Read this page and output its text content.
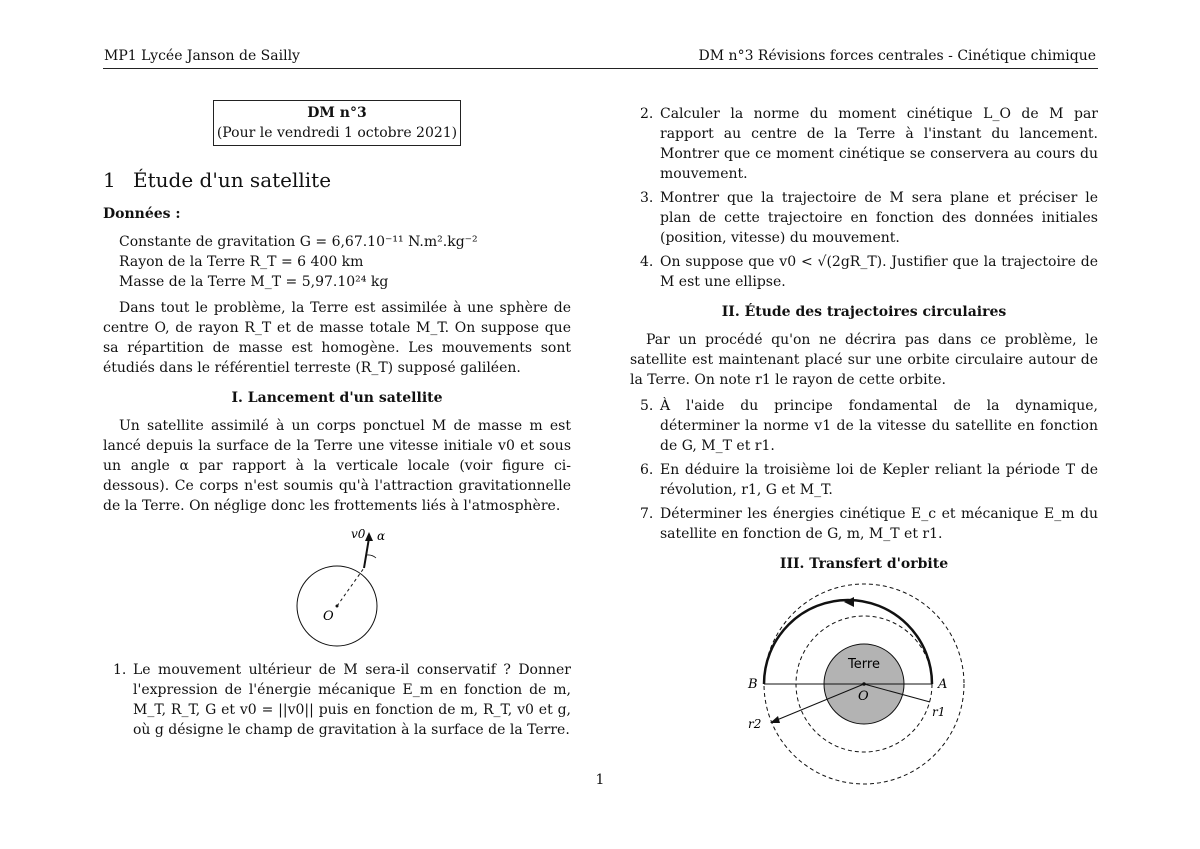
MP1 Lycée Janson de Sailly	DM n°3 Révisions forces centrales - Cinétique chimique
DM n°3
(Pour le vendredi 1 octobre 2021)
1 Étude d'un satellite

Données :

Constante de gravitation G = 6,67.10⁻¹¹ N.m².kg⁻²
Rayon de la Terre R_T = 6 400 km
Masse de la Terre M_T = 5,97.10²⁴ kg

Dans tout le problème, la Terre est assimilée à une sphère de centre O, de rayon R_T et de masse totale M_T. On suppose que sa répartition de masse est homogène. Les mouvements sont étudiés dans le référentiel terreste (R_T) supposé galiléen.

I. Lancement d'un satellite

Un satellite assimilé à un corps ponctuel M de masse m est lancé depuis la surface de la Terre une vitesse initiale v0 et sous un angle α par rapport à la verticale locale (voir figure ci-dessous). Ce corps n'est soumis qu'à l'attraction gravitationnelle de la Terre. On néglige donc les frottements liés à l'atmosphère.

v0 α
O
1. Le mouvement ultérieur de M sera-il conservatif ? Donner l'expression de l'énergie mécanique E_m en fonction de m, M_T, R_T, G et v0 = ||v0|| puis en fonction de m, R_T, v0 et g, où g désigne le champ de gravitation à la surface de la Terre.
2. Calculer la norme du moment cinétique L_O de M par rapport au centre de la Terre à l'instant du lancement. Montrer que ce moment cinétique se conservera au cours du mouvement.
3. Montrer que la trajectoire de M sera plane et préciser le plan de cette trajectoire en fonction des données initiales (position, vitesse) du mouvement.
4. On suppose que v0 < √(2gR_T). Justifier que la trajectoire de M est une ellipse.
II. Étude des trajectoires circulaires

Par un procédé qu'on ne décrira pas dans ce problème, le satellite est maintenant placé sur une orbite circulaire autour de la Terre. On note r1 le rayon de cette orbite.

5. À l'aide du principe fondamental de la dynamique, déterminer la norme v1 de la vitesse du satellite en fonction de G, M_T et r1.
6. En déduire la troisième loi de Kepler reliant la période T de révolution, r1, G et M_T.
7. Déterminer les énergies cinétique E_c et mécanique E_m du satellite en fonction de G, m, M_T et r1.
III. Transfert d'orbite
Terre
O
A
B
r1
r2
1
